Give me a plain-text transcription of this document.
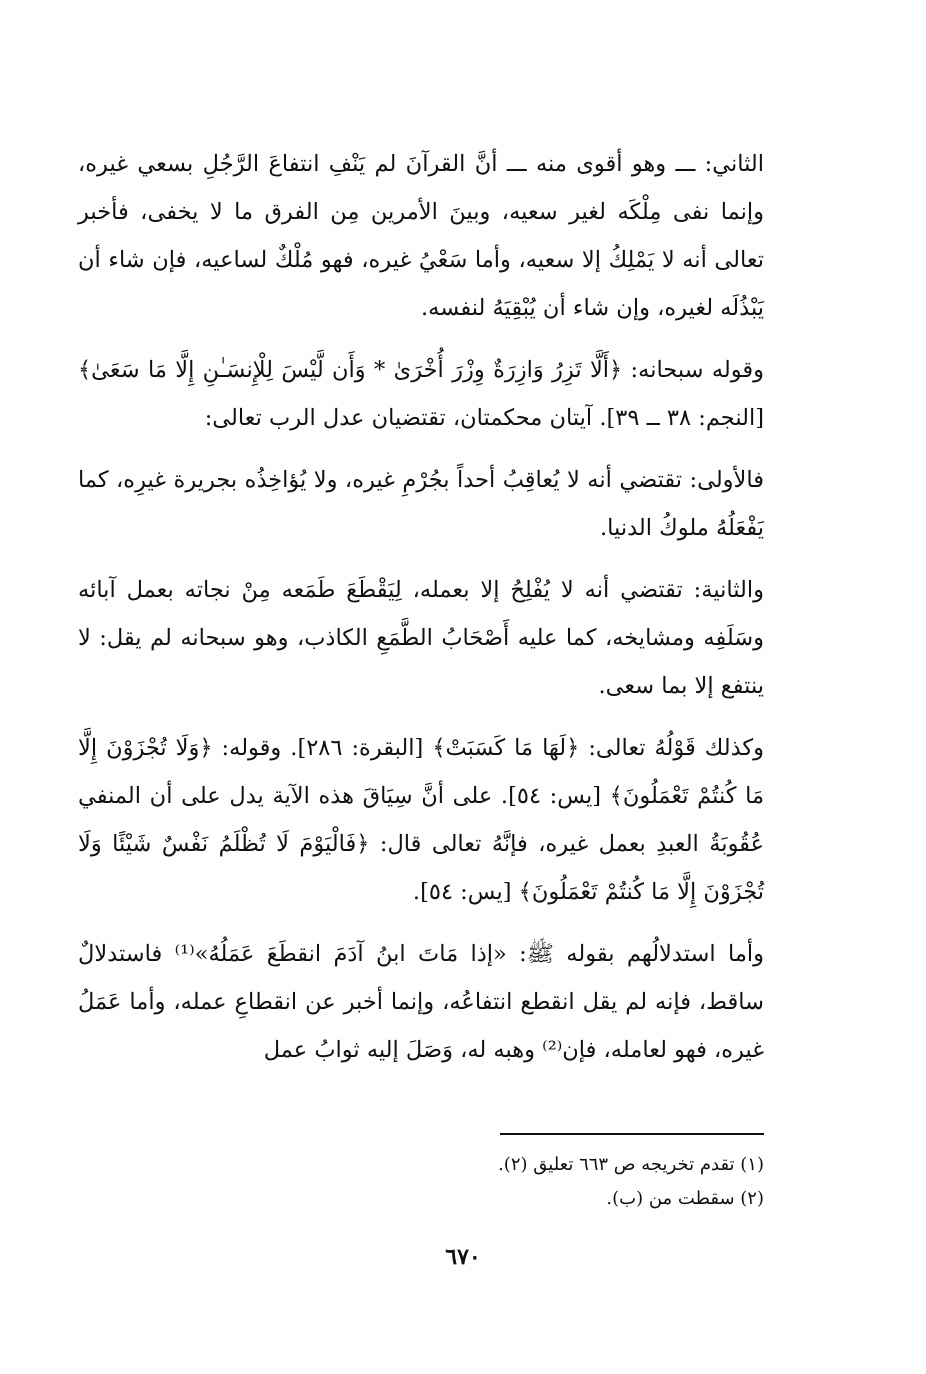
الثاني: ـــ وهو أقوى منه ـــ أنَّ القرآنَ لم يَنْفِ انتفاعَ الرَّجُلِ بسعي غيره، وإنما نفى مِلْكَه لغير سعيه، وبينَ الأمرين مِن الفرق ما لا يخفى، فأخبر تعالى أنه لا يَمْلِكُ إلا سعيه، وأما سَعْيُ غيره، فهو مُلْكٌ لساعيه، فإن شاء أن يَبْذُلَه لغيره، وإن شاء أن يُبْقِيَهُ لنفسه.

وقوله سبحانه: ﴿أَلَّا تَزِرُ وَازِرَةٌ وِزْرَ أُخْرَىٰ * وَأَن لَّيْسَ لِلْإِنسَـٰنِ إِلَّا مَا سَعَىٰ﴾ [النجم: ٣٨ ــ ٣٩]. آيتان محكمتان، تقتضيان عدل الرب تعالى:

فالأولى: تقتضي أنه لا يُعاقِبُ أحداً بجُرْمِ غيره، ولا يُؤاخِذُه بجريرة غيرِه، كما يَفْعَلُهُ ملوكُ الدنيا.

والثانية: تقتضي أنه لا يُفْلِحُ إلا بعمله، لِيَقْطَعَ طَمَعه مِنْ نجاته بعمل آبائه وسَلَفِه ومشايخه، كما عليه أَصْحَابُ الطَّمَعِ الكاذب، وهو سبحانه لم يقل: لا ينتفع إلا بما سعى.

وكذلك قَوْلُهُ تعالى: ﴿لَهَا مَا كَسَبَتْ﴾ [البقرة: ٢٨٦]. وقوله: ﴿وَلَا تُجْزَوْنَ إِلَّا مَا كُنتُمْ تَعْمَلُونَ﴾ [يس: ٥٤]. على أنَّ سِيَاقَ هذه الآية يدل على أن المنفي عُقُوبَةُ العبدِ بعمل غيره، فإنَّهُ تعالى قال: ﴿فَالْيَوْمَ لَا تُظْلَمُ نَفْسٌ شَيْئًا وَلَا تُجْزَوْنَ إِلَّا مَا كُنتُمْ تَعْمَلُونَ﴾ [يس: ٥٤].

وأما استدلالُهم بقوله ﷺ: «إذا مَاتَ ابنُ آدَمَ انقطَعَ عَمَلُهُ»⁽¹⁾ فاستدلالٌ ساقط، فإنه لم يقل انقطع انتفاعُه، وإنما أخبر عن انقطاعِ عمله، وأما عَمَلُ غيره، فهو لعامله، فإن⁽²⁾ وهبه له، وَصَلَ إليه ثوابُ عمل

(١) تقدم تخريجه ص ٦٦٣ تعليق (٢).

(٢) سقطت من (ب).

٦٧٠
